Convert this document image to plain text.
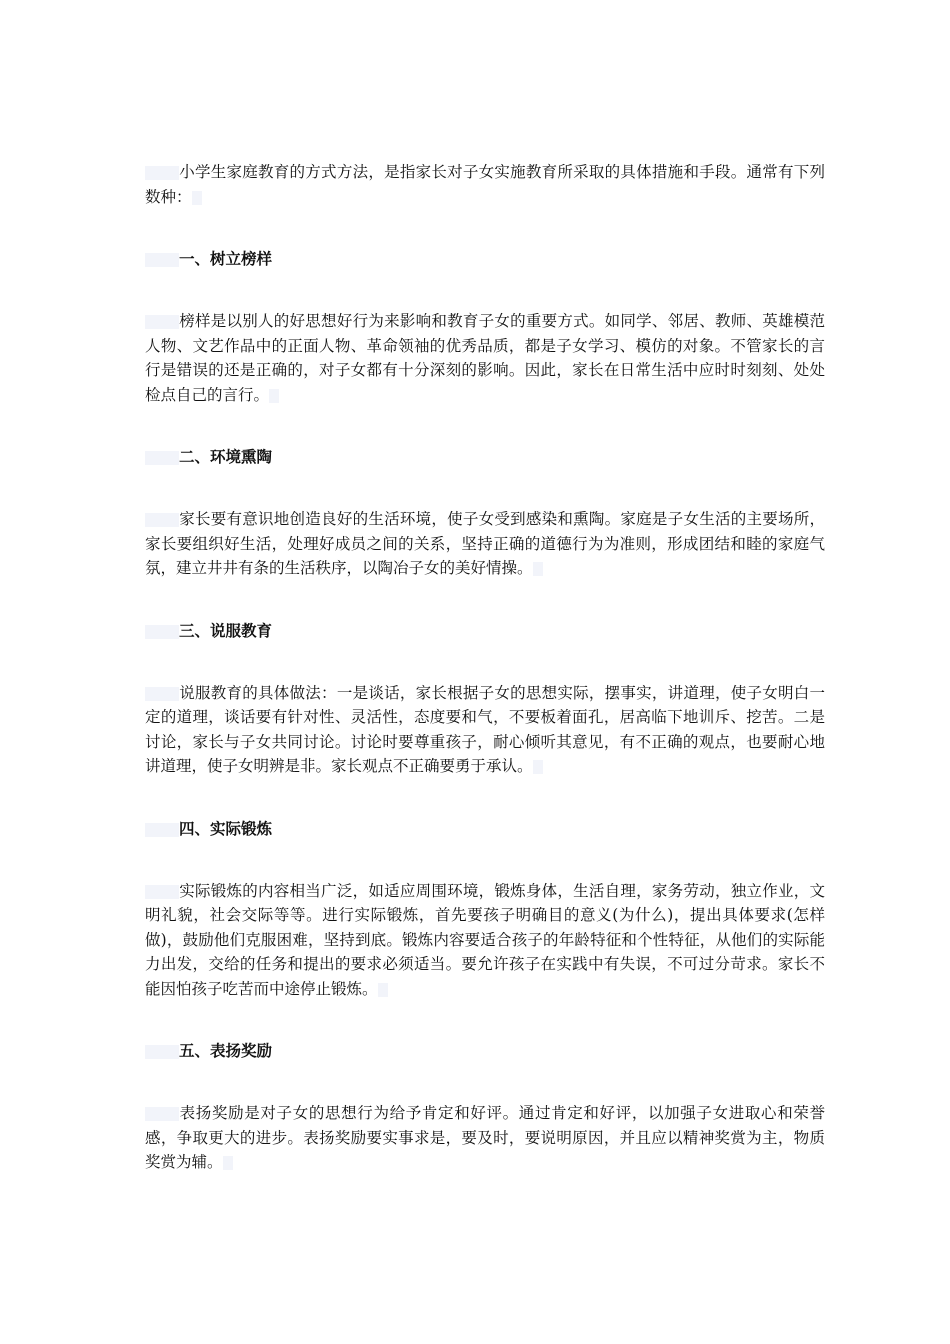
小学生家庭教育的方式方法，是指家长对子女实施教育所采取的具体措施和手段。通常有下列数种：

一、树立榜样

榜样是以别人的好思想好行为来影响和教育子女的重要方式。如同学、邻居、教师、英雄模范人物、文艺作品中的正面人物、革命领袖的优秀品质，都是子女学习、模仿的对象。不管家长的言行是错误的还是正确的，对子女都有十分深刻的影响。因此，家长在日常生活中应时时刻刻、处处检点自己的言行。

二、环境熏陶

家长要有意识地创造良好的生活环境，使子女受到感染和熏陶。家庭是子女生活的主要场所，家长要组织好生活，处理好成员之间的关系，坚持正确的道德行为为准则，形成团结和睦的家庭气氛，建立井井有条的生活秩序，以陶冶子女的美好情操。

三、说服教育

说服教育的具体做法：一是谈话，家长根据子女的思想实际，摆事实，讲道理，使子女明白一定的道理，谈话要有针对性、灵活性，态度要和气，不要板着面孔，居高临下地训斥、挖苦。二是讨论，家长与子女共同讨论。讨论时要尊重孩子，耐心倾听其意见，有不正确的观点，也要耐心地讲道理，使子女明辨是非。家长观点不正确要勇于承认。

四、实际锻炼

实际锻炼的内容相当广泛，如适应周围环境，锻炼身体，生活自理，家务劳动，独立作业，文明礼貌，社会交际等等。进行实际锻炼，首先要孩子明确目的意义(为什么)，提出具体要求(怎样做)，鼓励他们克服困难，坚持到底。锻炼内容要适合孩子的年龄特征和个性特征，从他们的实际能力出发，交给的任务和提出的要求必须适当。要允许孩子在实践中有失误，不可过分苛求。家长不能因怕孩子吃苦而中途停止锻炼。

五、表扬奖励

表扬奖励是对子女的思想行为给予肯定和好评。通过肯定和好评，以加强子女进取心和荣誉感，争取更大的进步。表扬奖励要实事求是，要及时，要说明原因，并且应以精神奖赏为主，物质奖赏为辅。
